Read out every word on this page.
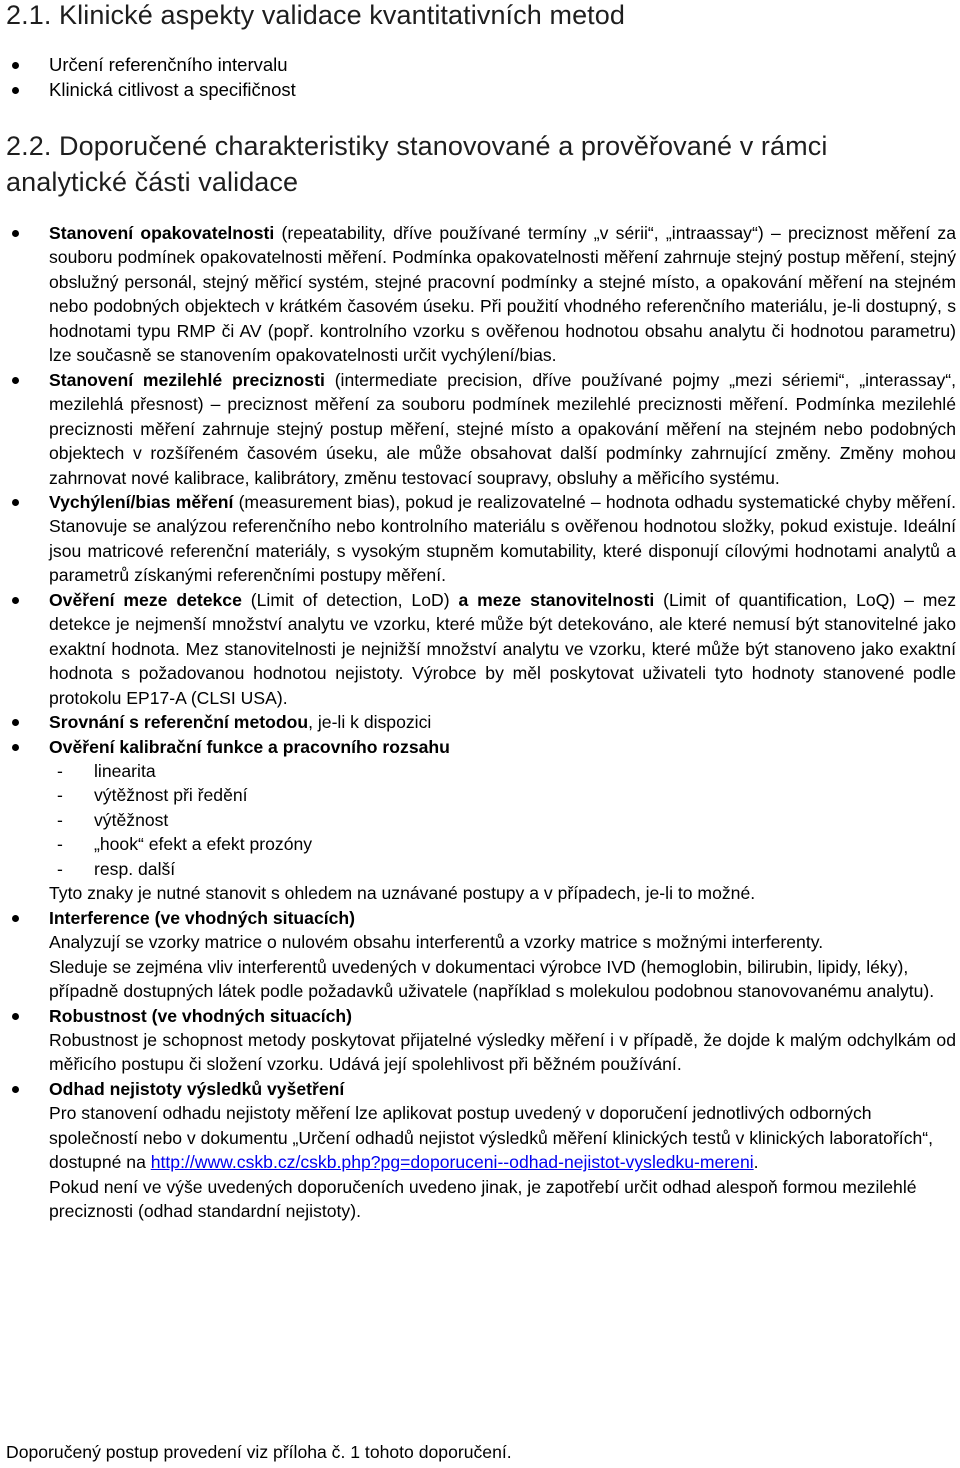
2.1. Klinické aspekty validace kvantitativních metod
Určení referenčního intervalu
Klinická citlivost a specifičnost
2.2. Doporučené charakteristiky stanovované a prověřované v rámci analytické části validace
Stanovení opakovatelnosti (repeatability, dříve používané termíny „v sérii“, „intraassay“) – preciznost měření za souboru podmínek opakovatelnosti měření. Podmínka opakovatelnosti měření zahrnuje stejný postup měření, stejný obslužný personál, stejný měřicí systém, stejné pracovní podmínky a stejné místo, a opakování měření na stejném nebo podobných objektech v krátkém časovém úseku. Při použití vhodného referenčního materiálu, je-li dostupný, s hodnotami typu RMP či AV (popř. kontrolního vzorku s ověřenou hodnotou obsahu analytu či hodnotou parametru) lze současně se stanovením opakovatelnosti určit vychýlení/bias.
Stanovení mezilehlé preciznosti (intermediate precision, dříve používané pojmy „mezi sériemi“, „interassay“, mezilehlá přesnost) – preciznost měření za souboru podmínek mezilehlé preciznosti měření. Podmínka mezilehlé preciznosti měření zahrnuje stejný postup měření, stejné místo a opakování měření na stejném nebo podobných objektech v rozšířeném časovém úseku, ale může obsahovat další podmínky zahrnující změny. Změny mohou zahrnovat nové kalibrace, kalibrátory, změnu testovací soupravy, obsluhy a měřicího systému.
Vychýlení/bias měření (measurement bias), pokud je realizovatelné – hodnota odhadu systematické chyby měření. Stanovuje se analýzou referenčního nebo kontrolního materiálu s ověřenou hodnotou složky, pokud existuje. Ideální jsou matricové referenční materiály, s vysokým stupněm komutability, které disponují cílovými hodnotami analytů a parametrů získanými referenčními postupy měření.
Ověření meze detekce (Limit of detection, LoD) a meze stanovitelnosti (Limit of quantification, LoQ) – mez detekce je nejmenší množství analytu ve vzorku, které může být detekováno, ale které nemusí být stanovitelné jako exaktní hodnota. Mez stanovitelnosti je nejnižší množství analytu ve vzorku, které může být stanoveno jako exaktní hodnota s požadovanou hodnotou nejistoty. Výrobce by měl poskytovat uživateli tyto hodnoty stanovené podle protokolu EP17-A (CLSI USA).
Srovnání s referenční metodou, je-li k dispozici
Ověření kalibrační funkce a pracovního rozsahu
- linearita
- výtěžnost při ředění
- výtěžnost
- „hook“ efekt a efekt prozóny
- resp. další
Tyto znaky je nutné stanovit s ohledem na uznávané postupy a v případech, je-li to možné.
Interference (ve vhodných situacích)
Analyzují se vzorky matrice o nulovém obsahu interferentů a vzorky matrice s možnými interferenty.
Sleduje se zejména vliv interferentů uvedených v dokumentaci výrobce IVD (hemoglobin, bilirubin, lipidy, léky), případně dostupných látek podle požadavků uživatele (například s molekulou podobnou stanovovanému analytu).
Robustnost (ve vhodných situacích)
Robustnost je schopnost metody poskytovat přijatelné výsledky měření i v případě, že dojde k malým odchylkám od měřicího postupu či složení vzorku. Udává její spolehlivost při běžném používání.
Odhad nejistoty výsledků vyšetření
Pro stanovení odhadu nejistoty měření lze aplikovat postup uvedený v doporučení jednotlivých odborných společností nebo v dokumentu „Určení odhadů nejistot výsledků měření klinických testů v klinických laboratořích“, dostupné na http://www.cskb.cz/cskb.php?pg=doporuceni--odhad-nejistot-vysledku-mereni.
Pokud není ve výše uvedených doporučeních uvedeno jinak, je zapotřebí určit odhad alespoň formou mezilehlé preciznosti (odhad standardní nejistoty).
Doporučený postup provedení viz příloha č. 1 tohoto doporučení.
